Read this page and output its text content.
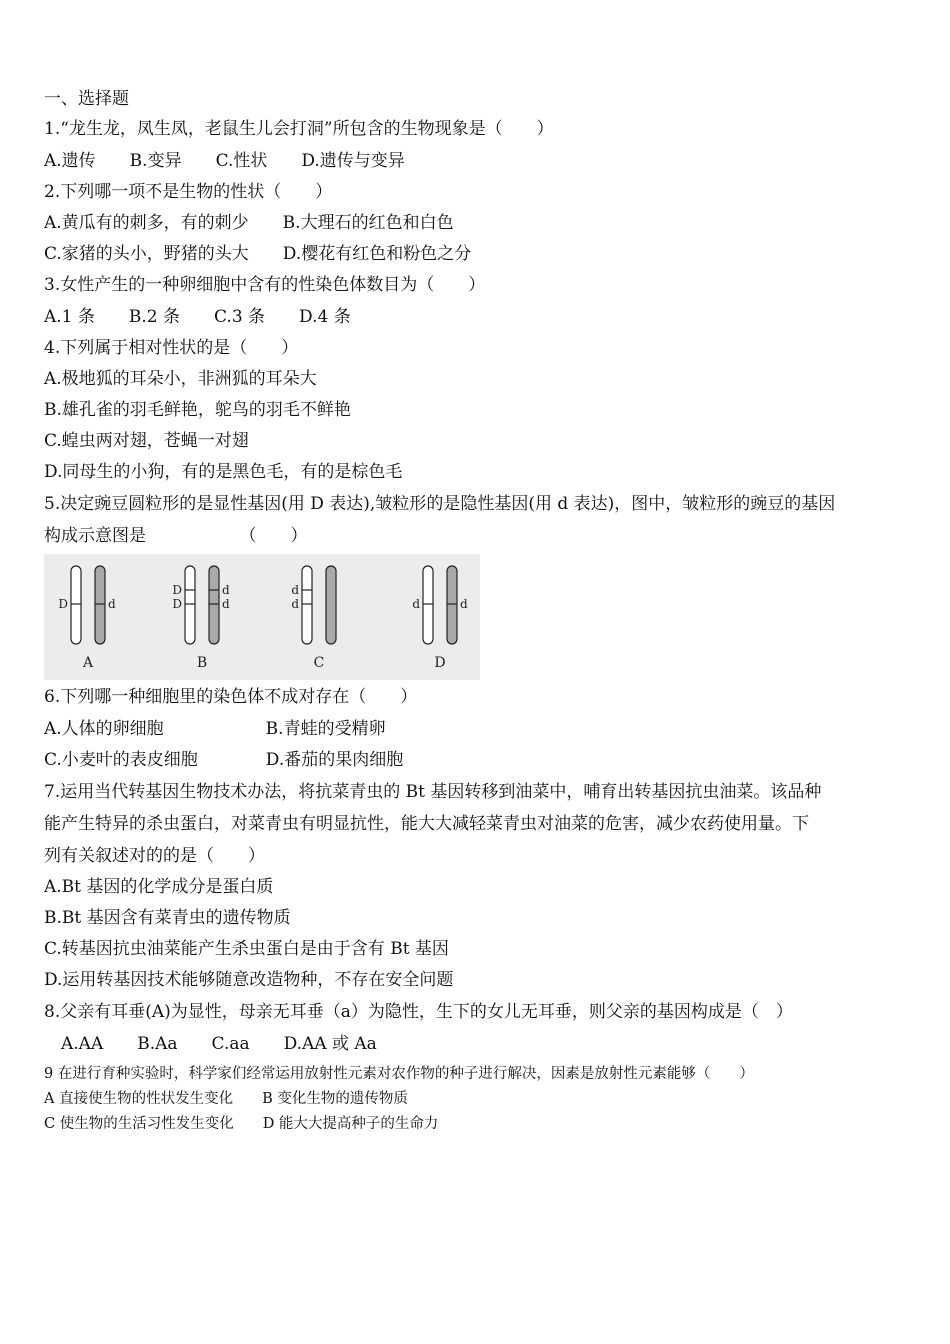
一、选择题
1.“龙生龙，凤生凤，老鼠生儿会打洞”所包含的生物现象是（　　）
A.遗传　　B.变异　　C.性状　　D.遗传与变异
2.下列哪一项不是生物的性状（　　）
A.黄瓜有的刺多，有的刺少　　B.大理石的红色和白色
C.家猪的头小，野猪的头大　　D.樱花有红色和粉色之分
3.女性产生的一种卵细胞中含有的性染色体数目为（　　）
A.1 条　　B.2 条　　C.3 条　　D.4 条
4.下列属于相对性状的是（　　）
A.极地狐的耳朵小，非洲狐的耳朵大
B.雄孔雀的羽毛鲜艳，鸵鸟的羽毛不鲜艳
C.蝗虫两对翅，苍蝇一对翅
D.同母生的小狗，有的是黑色毛，有的是棕色毛
5.决定豌豆圆粒形的是显性基因(用 D 表达),皱粒形的是隐性基因(用 d 表达)，图中，皱粒形的豌豆的基因
构成示意图是　　　　　　（　　）
D	d
A
D
D
d
d
B
d
d
C
d	d
D
6.下列哪一种细胞里的染色体不成对存在（　　）
A.人体的卵细胞　　　　　　B.青蛙的受精卵
C.小麦叶的表皮细胞　　　　D.番茄的果肉细胞
7.运用当代转基因生物技术办法，将抗菜青虫的 Bt 基因转移到油菜中，哺育出转基因抗虫油菜。该品种
能产生特异的杀虫蛋白，对菜青虫有明显抗性，能大大减轻菜青虫对油菜的危害，减少农药使用量。下
列有关叙述对的的是（　　）
A.Bt 基因的化学成分是蛋白质
B.Bt 基因含有菜青虫的遗传物质
C.转基因抗虫油菜能产生杀虫蛋白是由于含有 Bt 基因
D.运用转基因技术能够随意改造物种，不存在安全问题
8.父亲有耳垂(A)为显性，母亲无耳垂（a）为隐性，生下的女儿无耳垂，则父亲的基因构成是（　）
　A.AA　　B.Aa　　C.aa　　D.AA 或 Aa
9 在进行育种实验时，科学家们经常运用放射性元素对农作物的种子进行解决，因素是放射性元素能够（　　）
A 直接使生物的性状发生变化　　B 变化生物的遗传物质
C 使生物的生活习性发生变化　　D 能大大提高种子的生命力
